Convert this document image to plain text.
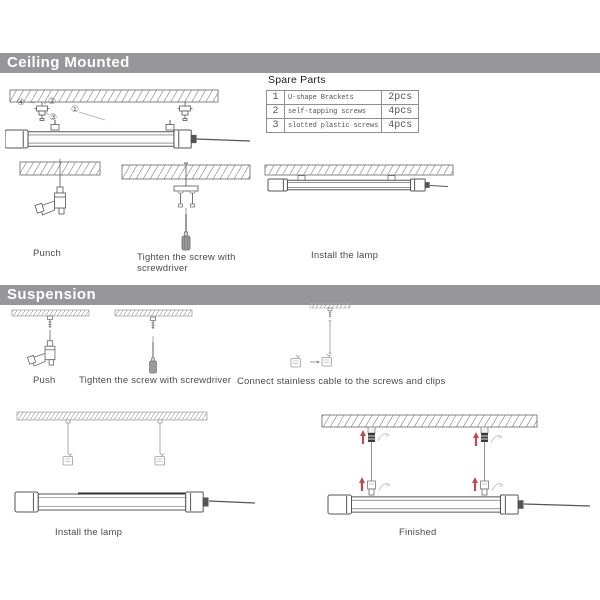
Ceiling Mounted
Spare Parts
1	U-shape Brackets	2pcs
2	self-tapping screws	4pcs
3	slotted plastic screws	4pcs
④	②
③
①
Punch	Tighten the screw with screwdriver
Install the lamp
Suspension
Push Tighten the screw with screwdriver Connect stainless cable to the screws and clips
Install the lamp	Finished
